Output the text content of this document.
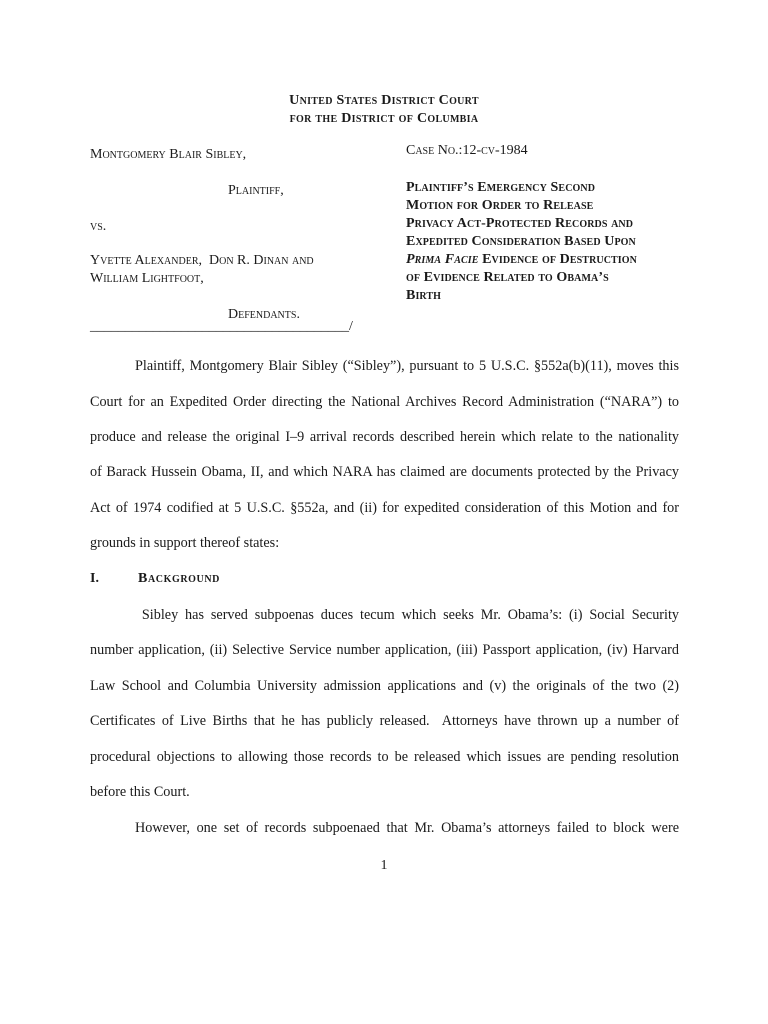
United States District Court
for the District of Columbia
Montgomery Blair Sibley,
Plaintiff,
vs.
Yvette Alexander,  Don R. Dinan and
William Lightfoot,
Defendants.
_____________________________________/
Case No.:12-cv-1984
Plaintiff’s Emergency Second
Motion for Order to Release
Privacy Act-Protected Records and
Expedited Consideration Based Upon
Prima Facie Evidence of Destruction
of Evidence Related to Obama’s
Birth
Plaintiff, Montgomery Blair Sibley (“Sibley”), pursuant to 5 U.S.C. §552a(b)(11), moves this
Court for an Expedited Order directing the National Archives Record Administration (“NARA”) to
produce and release the original I–9 arrival records described herein which relate to the nationality
of Barack Hussein Obama, II, and which NARA has claimed are documents protected by the Privacy
Act of 1974 codified at 5 U.S.C. §552a, and (ii) for expedited consideration of this Motion and for
grounds in support thereof states:
I.	Background
Sibley has served subpoenas duces tecum which seeks Mr. Obama’s: (i) Social Security
number application, (ii) Selective Service number application, (iii) Passport application, (iv) Harvard
Law School and Columbia University admission applications and (v) the originals of the two (2)
Certificates of Live Births that he has publicly released.  Attorneys have thrown up a number of
procedural objections to allowing those records to be released which issues are pending resolution
before this Court.
However, one set of records subpoenaed that Mr. Obama’s attorneys failed to block were
1
